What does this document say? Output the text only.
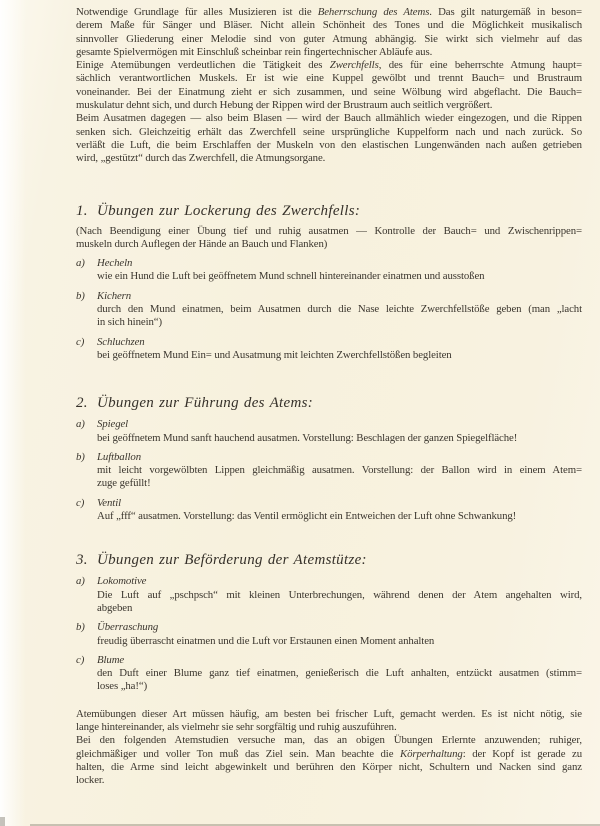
Notwendige Grundlage für alles Musizieren ist die Beherrschung des Atems. Das gilt naturgemäß in beson=
derem Maße für Sänger und Bläser. Nicht allein Schönheit des Tones und die Möglichkeit musikalisch
sinnvoller Gliederung einer Melodie sind von guter Atmung abhängig. Sie wirkt sich vielmehr auf das
gesamte Spielvermögen mit Einschluß scheinbar rein fingertechnischer Abläufe aus.
Einige Atemübungen verdeutlichen die Tätigkeit des Zwerchfells, des für eine beherrschte Atmung haupt=
sächlich verantwortlichen Muskels. Er ist wie eine Kuppel gewölbt und trennt Bauch= und Brustraum
voneinander. Bei der Einatmung zieht er sich zusammen, und seine Wölbung wird abgeflacht. Die Bauch=
muskulatur dehnt sich, und durch Hebung der Rippen wird der Brustraum auch seitlich vergrößert.
Beim Ausatmen dagegen — also beim Blasen — wird der Bauch allmählich wieder eingezogen, und die Rippen
senken sich. Gleichzeitig erhält das Zwerchfell seine ursprüngliche Kuppelform nach und nach zurück. So
verläßt die Luft, die beim Erschlaffen der Muskeln von den elastischen Lungenwänden nach außen getrieben
wird, „gestützt“ durch das Zwerchfell, die Atmungsorgane.
1. Übungen zur Lockerung des Zwerchfells:
(Nach Beendigung einer Übung tief und ruhig ausatmen — Kontrolle der Bauch= und Zwischenrippen=
muskeln durch Auflegen der Hände an Bauch und Flanken)
a) Hecheln
wie ein Hund die Luft bei geöffnetem Mund schnell hintereinander einatmen und ausstoßen
b) Kichern
durch den Mund einatmen, beim Ausatmen durch die Nase leichte Zwerchfellstöße geben (man „lacht
in sich hinein“)
c) Schluchzen
bei geöffnetem Mund Ein= und Ausatmung mit leichten Zwerchfellstößen begleiten
2. Übungen zur Führung des Atems:
a) Spiegel
bei geöffnetem Mund sanft hauchend ausatmen. Vorstellung: Beschlagen der ganzen Spiegelfläche!
b) Luftballon
mit leicht vorgewölbten Lippen gleichmäßig ausatmen. Vorstellung: der Ballon wird in einem Atem=
zuge gefüllt!
c) Ventil
Auf „fff“ ausatmen. Vorstellung: das Ventil ermöglicht ein Entweichen der Luft ohne Schwankung!
3. Übungen zur Beförderung der Atemstütze:
a) Lokomotive
Die Luft auf „pschpsch“ mit kleinen Unterbrechungen, während denen der Atem angehalten wird,
abgeben
b) Überraschung
freudig überrascht einatmen und die Luft vor Erstaunen einen Moment anhalten
c) Blume
den Duft einer Blume ganz tief einatmen, genießerisch die Luft anhalten, entzückt ausatmen (stimm=
loses „ha!“)
Atemübungen dieser Art müssen häufig, am besten bei frischer Luft, gemacht werden. Es ist nicht nötig, sie
lange hintereinander, als vielmehr sie sehr sorgfältig und ruhig auszuführen.
Bei den folgenden Atemstudien versuche man, das an obigen Übungen Erlernte anzuwenden; ruhiger,
gleichmäßiger und voller Ton muß das Ziel sein. Man beachte die Körperhaltung: der Kopf ist gerade zu
halten, die Arme sind leicht abgewinkelt und berühren den Körper nicht, Schultern und Nacken sind ganz
locker.
